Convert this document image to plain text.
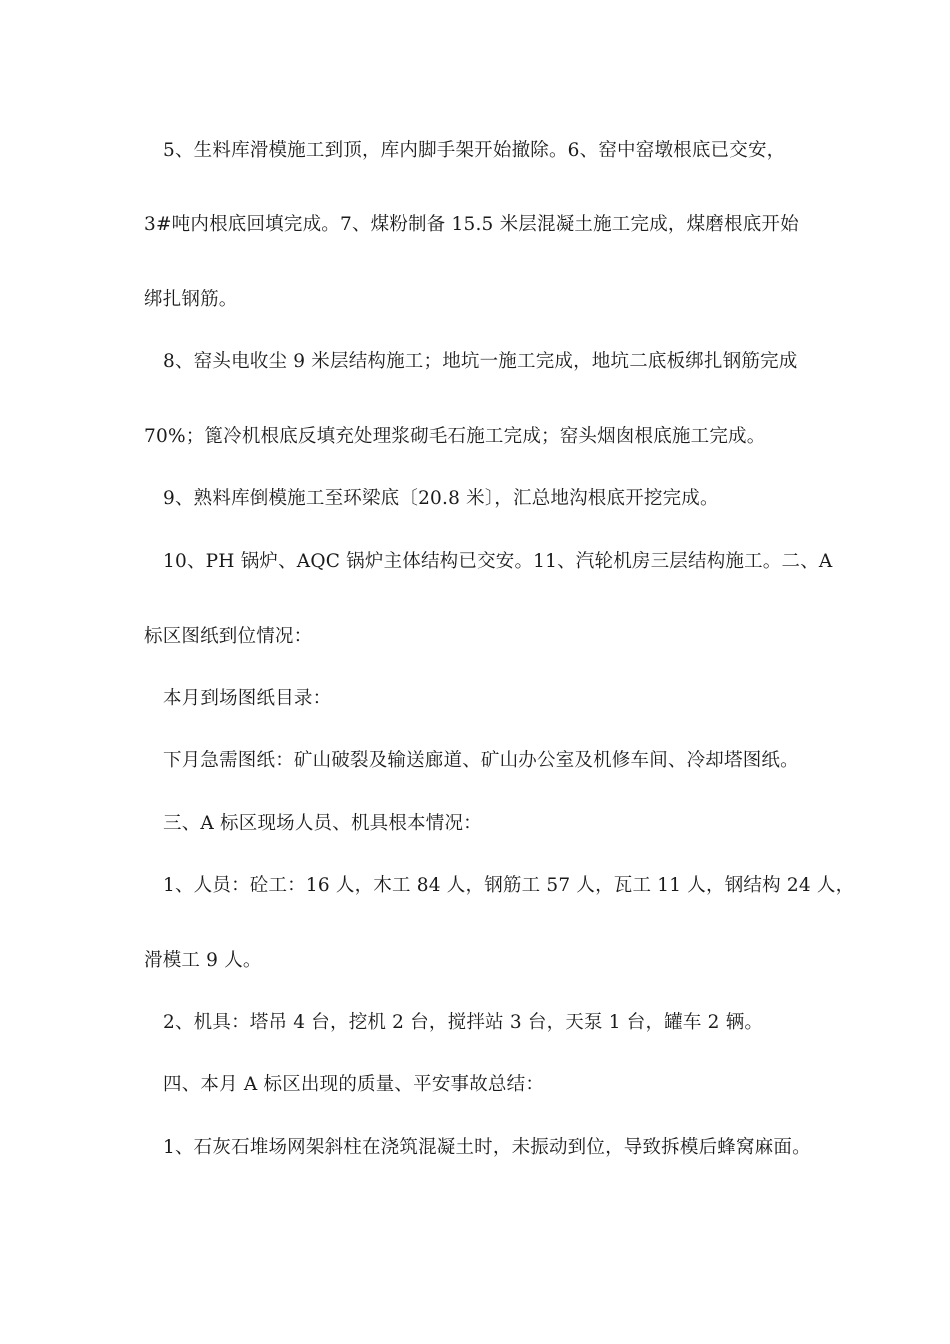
5、生料库滑模施工到顶，库内脚手架开始撤除。6、窑中窑墩根底已交安，
3#吨内根底回填完成。7、煤粉制备 15.5 米层混凝土施工完成，煤磨根底开始
绑扎钢筋。
8、窑头电收尘 9 米层结构施工；地坑一施工完成，地坑二底板绑扎钢筋完成
70%；篦冷机根底反填充处理浆砌毛石施工完成；窑头烟囱根底施工完成。
9、熟料库倒模施工至环梁底〔20.8 米〕，汇总地沟根底开挖完成。
10、PH 锅炉、AQC 锅炉主体结构已交安。11、汽轮机房三层结构施工。二、A
标区图纸到位情况：
本月到场图纸目录：
下月急需图纸：矿山破裂及输送廊道、矿山办公室及机修车间、冷却塔图纸。
三、A 标区现场人员、机具根本情况：
1、人员：砼工：16 人，木工 84 人，钢筋工 57 人，瓦工 11 人，钢结构 24 人，
滑模工 9 人。
2、机具：塔吊 4 台，挖机 2 台，搅拌站 3 台，天泵 1 台，罐车 2 辆。
四、本月 A 标区出现的质量、平安事故总结：
1、石灰石堆场网架斜柱在浇筑混凝土时，未振动到位，导致拆模后蜂窝麻面。
